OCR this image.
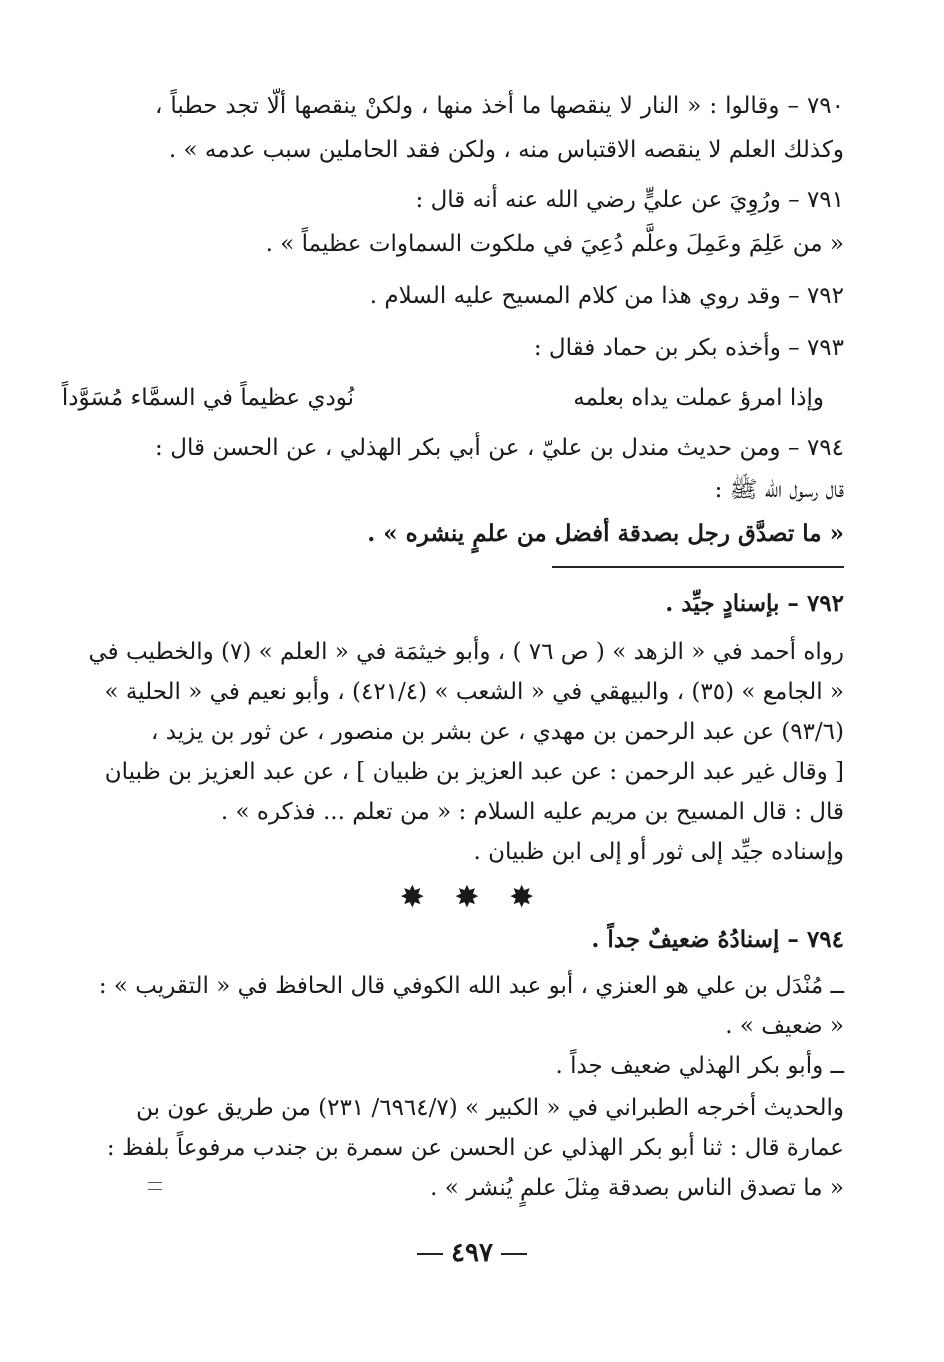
٧٩٠ – وقالوا : « النار لا ينقصها ما أخذ منها ، ولكنْ ينقصها ألّا تجد حطباً ،
وكذلك العلم لا ينقصه الاقتباس منه ، ولكن فقد الحاملين سبب عدمه » .
٧٩١ – ورُوِيَ عن عليٍّ رضي الله عنه أنه قال :
« من عَلِمَ وعَمِلَ وعلَّم دُعِيَ في ملكوت السماوات عظيماً » .
٧٩٢ – وقد روي هذا من كلام المسيح عليه السلام .
٧٩٣ – وأخذه بكر بن حماد فقال :
وإذا امرؤ عملت يداه بعلمه
نُودي عظيماً في السمَّاء مُسَوَّداً
٧٩٤ – ومن حديث مندل بن عليّ ، عن أبي بكر الهذلي ، عن الحسن قال :
قال رسول الله ﷺ :
« ما تصدَّق رجل بصدقة أفضل من علمٍ ينشره » .
٧٩٢ – بإسنادٍ جيِّد .
رواه أحمد في « الزهد » ( ص ٧٦ ) ، وأبو خيثمَة في « العلم » (٧) والخطيب في
« الجامع » (٣٥) ، والبيهقي في « الشعب » (٤٢١/٤) ، وأبو نعيم في « الحلية »
(٩٣/٦) عن عبد الرحمن بن مهدي ، عن بشر بن منصور ، عن ثور بن يزيد ،
[ وقال غير عبد الرحمن : عن عبد العزيز بن ظبيان ] ، عن عبد العزيز بن ظبيان
قال : قال المسيح بن مريم عليه السلام : « من تعلم ... فذكره » .
وإسناده جيِّد إلى ثور أو إلى ابن ظبيان .
✸ ✸ ✸
٧٩٤ – إسنادُهُ ضعيفٌ جداً .
ــ مُنْدَل بن علي هو العنزي ، أبو عبد الله الكوفي قال الحافظ في « التقريب » :
« ضعيف » .
ــ وأبو بكر الهذلي ضعيف جداً .
والحديث أخرجه الطبراني في « الكبير » (٦٩٦٤/٧/ ٢٣١) من طريق عون بن
عمارة قال : ثنا أبو بكر الهذلي عن الحسن عن سمرة بن جندب مرفوعاً بلفظ :
« ما تصدق الناس بصدقة مِثلَ علمٍ يُنشر » .
٤٩٧
